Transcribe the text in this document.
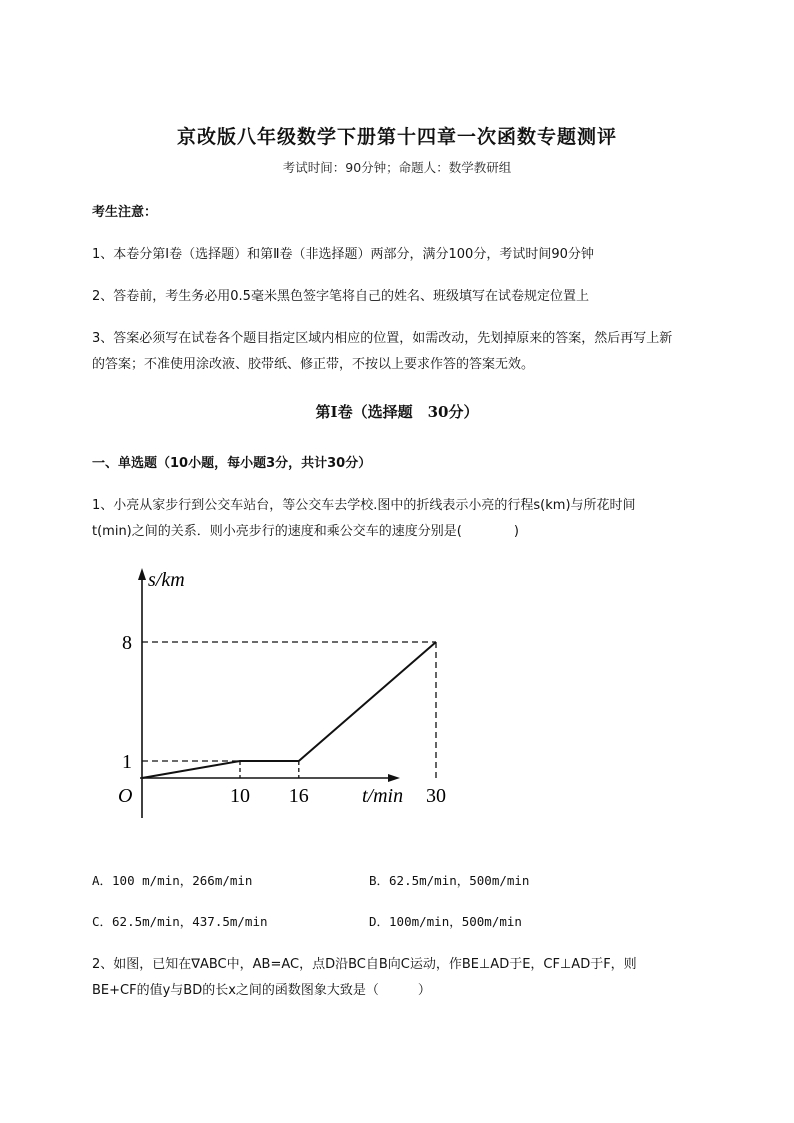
京改版八年级数学下册第十四章一次函数专题测评
考试时间：90分钟；命题人：数学教研组
考生注意：
1、本卷分第I卷（选择题）和第Ⅱ卷（非选择题）两部分，满分100分，考试时间90分钟
2、答卷前，考生务必用0.5毫米黑色签字笔将自己的姓名、班级填写在试卷规定位置上
3、答案必须写在试卷各个题目指定区域内相应的位置，如需改动，先划掉原来的答案，然后再写上新
的答案；不准使用涂改液、胶带纸、修正带，不按以上要求作答的答案无效。
第I卷（选择题　30分）
一、单选题（10小题，每小题3分，共计30分）
1、小亮从家步行到公交车站台，等公交车去学校.图中的折线表示小亮的行程s(km)与所花时间
t(min)之间的关系．则小亮步行的速度和乘公交车的速度分别是(　　　　)
s/km
t/min
O	10 16	30
1
8
A．100 m/min，266m/min	B．62.5m/min，500m/min
C．62.5m/min，437.5m/min	D．100m/min，500m/min
2、如图，已知在∇ABC中，AB=AC，点D沿BC自B向C运动，作BE⊥AD于E，CF⊥AD于F，则
BE+CF的值y与BD的长x之间的函数图象大致是（　　　）
